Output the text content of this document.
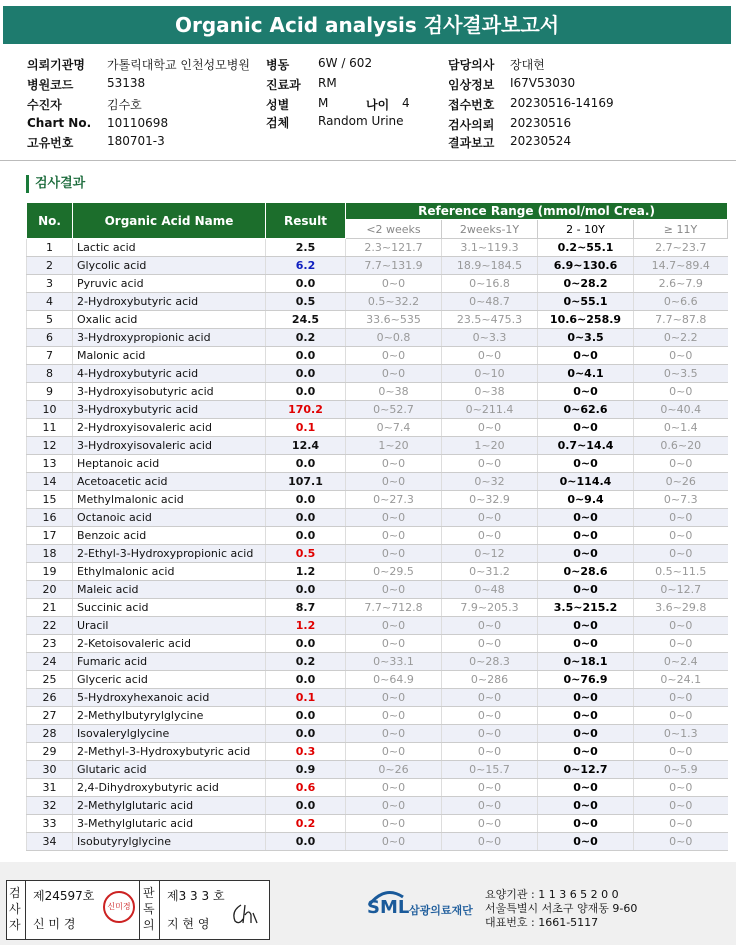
Organic Acid analysis 검사결과보고서
의뢰기관명 가톨릭대학교 인천성모병원
병원코드	53138
수진자	김수호
Chart No. 10110698
고유번호	180701-3
병동 6W / 602
진료과 RM
성별 M	나이 4
검체 Random Urine
담당의사 장대현
임상정보 I67V53030
접수번호 20230516-14169
검사의뢰 20230516
결과보고 20230524
검사결과
No.	Organic Acid Name	Result	Reference Range (mmol/mol Crea.)			
			<2 weeks	2weeks-1Y	2 - 10Y	≥ 11Y
1	Lactic acid	2.5	2.3~121.7	3.1~119.3	0.2~55.1	2.7~23.7
2	Glycolic acid	6.2	7.7~131.9	18.9~184.5	6.9~130.6	14.7~89.4
3	Pyruvic acid	0.0	0~0	0~16.8	0~28.2	2.6~7.9
4	2-Hydroxybutyric acid	0.5	0.5~32.2	0~48.7	0~55.1	0~6.6
5	Oxalic acid	24.5	33.6~535	23.5~475.3	10.6~258.9	7.7~87.8
6	3-Hydroxypropionic acid	0.2	0~0.8	0~3.3	0~3.5	0~2.2
7	Malonic acid	0.0	0~0	0~0	0~0	0~0
8	4-Hydroxybutyric acid	0.0	0~0	0~10	0~4.1	0~3.5
9	3-Hydroxyisobutyric acid	0.0	0~38	0~38	0~0	0~0
10	3-Hydroxybutyric acid	170.2	0~52.7	0~211.4	0~62.6	0~40.4
11	2-Hydroxyisovaleric acid	0.1	0~7.4	0~0	0~0	0~1.4
12	3-Hydroxyisovaleric acid	12.4	1~20	1~20	0.7~14.4	0.6~20
13	Heptanoic acid	0.0	0~0	0~0	0~0	0~0
14	Acetoacetic acid	107.1	0~0	0~32	0~114.4	0~26
15	Methylmalonic acid	0.0	0~27.3	0~32.9	0~9.4	0~7.3
16	Octanoic acid	0.0	0~0	0~0	0~0	0~0
17	Benzoic acid	0.0	0~0	0~0	0~0	0~0
18	2-Ethyl-3-Hydroxypropionic acid	0.5	0~0	0~12	0~0	0~0
19	Ethylmalonic acid	1.2	0~29.5	0~31.2	0~28.6	0.5~11.5
20	Maleic acid	0.0	0~0	0~48	0~0	0~12.7
21	Succinic acid	8.7	7.7~712.8	7.9~205.3	3.5~215.2	3.6~29.8
22	Uracil	1.2	0~0	0~0	0~0	0~0
23	2-Ketoisovaleric acid	0.0	0~0	0~0	0~0	0~0
24	Fumaric acid	0.2	0~33.1	0~28.3	0~18.1	0~2.4
25	Glyceric acid	0.0	0~64.9	0~286	0~76.9	0~24.1
26	5-Hydroxyhexanoic acid	0.1	0~0	0~0	0~0	0~0
27	2-Methylbutyrylglycine	0.0	0~0	0~0	0~0	0~0
28	Isovalerylglycine	0.0	0~0	0~0	0~0	0~1.3
29	2-Methyl-3-Hydroxybutyric acid	0.3	0~0	0~0	0~0	0~0
30	Glutaric acid	0.9	0~26	0~15.7	0~12.7	0~5.9
31	2,4-Dihydroxybutyric acid	0.6	0~0	0~0	0~0	0~0
32	2-Methylglutaric acid	0.0	0~0	0~0	0~0	0~0
33	3-Methylglutaric acid	0.2	0~0	0~0	0~0	0~0
34	Isobutyrylglycine	0.0	0~0	0~0	0~0	0~0
검사자
제24597호
신 미 경
신미경
판독의
제3 3 3 호
지 현 영
SML 삼광의료재단
요양기관 : 1 1 3 6 5 2 0 0
서울특별시 서초구 양재동 9-60
대표번호 : 1661-5117
